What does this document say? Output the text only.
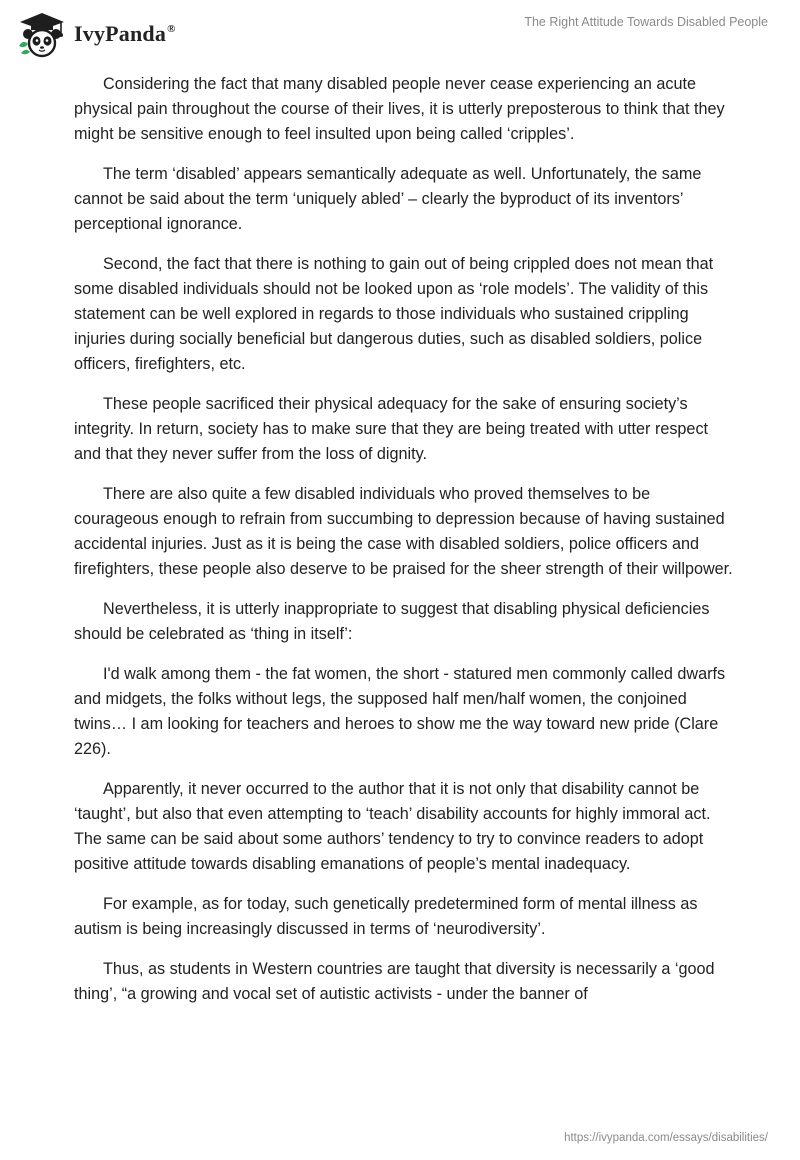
IvyPanda®	The Right Attitude Towards Disabled People

Considering the fact that many disabled people never cease experiencing an acute physical pain throughout the course of their lives, it is utterly preposterous to think that they might be sensitive enough to feel insulted upon being called ‘cripples’.

The term ‘disabled’ appears semantically adequate as well. Unfortunately, the same cannot be said about the term ‘uniquely abled’ – clearly the byproduct of its inventors’ perceptional ignorance.

Second, the fact that there is nothing to gain out of being crippled does not mean that some disabled individuals should not be looked upon as ‘role models’. The validity of this statement can be well explored in regards to those individuals who sustained crippling injuries during socially beneficial but dangerous duties, such as disabled soldiers, police officers, firefighters, etc.

These people sacrificed their physical adequacy for the sake of ensuring society’s integrity. In return, society has to make sure that they are being treated with utter respect and that they never suffer from the loss of dignity.

There are also quite a few disabled individuals who proved themselves to be courageous enough to refrain from succumbing to depression because of having sustained accidental injuries. Just as it is being the case with disabled soldiers, police officers and firefighters, these people also deserve to be praised for the sheer strength of their willpower.

Nevertheless, it is utterly inappropriate to suggest that disabling physical deficiencies should be celebrated as ‘thing in itself’:

I'd walk among them - the fat women, the short - statured men commonly called dwarfs and midgets, the folks without legs, the supposed half men/half women, the conjoined twins… I am looking for teachers and heroes to show me the way toward new pride (Clare 226).

Apparently, it never occurred to the author that it is not only that disability cannot be ‘taught’, but also that even attempting to ‘teach’ disability accounts for highly immoral act. The same can be said about some authors’ tendency to try to convince readers to adopt positive attitude towards disabling emanations of people’s mental inadequacy.

For example, as for today, such genetically predetermined form of mental illness as autism is being increasingly discussed in terms of ‘neurodiversity’.

Thus, as students in Western countries are taught that diversity is necessarily a ‘good thing’, “a growing and vocal set of autistic activists - under the banner of

https://ivypanda.com/essays/disabilities/
